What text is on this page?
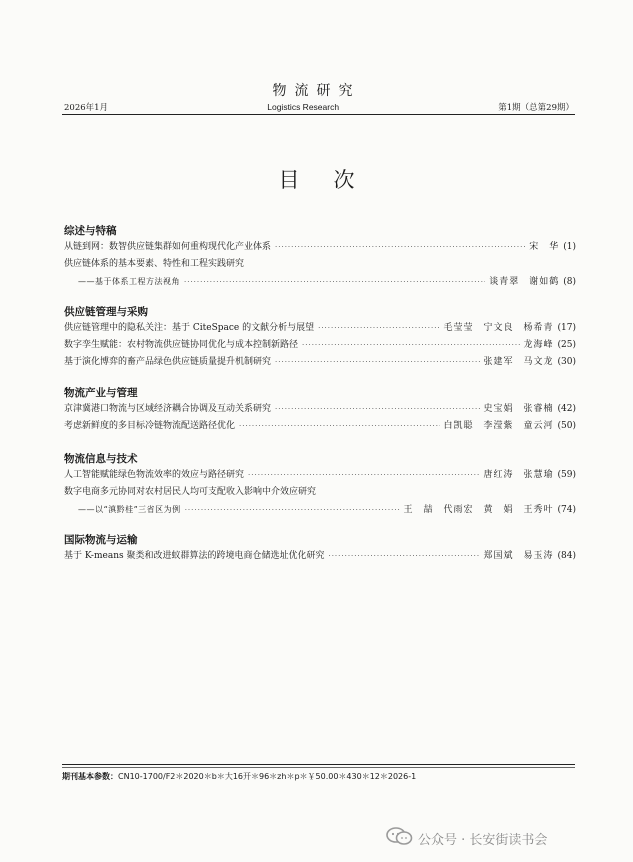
物流研究
2026年1月	Logistics Research	第1期（总第29期）
目次
综述与特稿
从链到网：数智供应链集群如何重构现代化产业体系 ·····	宋　华 (1)
供应链体系的基本要素、特性和工程实践研究
——基于体系工程方法视角 ·····	谈青翠　谢如鹤 (8)
供应链管理与采购
供应链管理中的隐私关注：基于 CiteSpace 的文献分析与展望 ·····	毛莹莹　宁文良　杨希青 (17)
数字孪生赋能：农村物流供应链协同优化与成本控制新路径 ·····	龙海峰 (25)
基于演化博弈的畜产品绿色供应链质量提升机制研究 ·····	张建军　马文龙 (30)
物流产业与管理
京津冀港口物流与区域经济耦合协调及互动关系研究 ·····	史宝娟　张睿楠 (42)
考虑新鲜度的多目标冷链物流配送路径优化 ·····	白凯聪　李滢紫　童云河 (50)
物流信息与技术
人工智能赋能绿色物流效率的效应与路径研究 ·····	唐红涛　张慧瑜 (59)
数字电商多元协同对农村居民人均可支配收入影响中介效应研究
——以“滇黔桂”三省区为例 ·····	王　喆　代雨宏　黄　娟　王秀叶 (74)
国际物流与运输
基于 K-means 聚类和改进蚁群算法的跨境电商仓储选址优化研究 ·····	郑国斌　易玉涛 (84)
期刊基本参数：CN10-1700/F2＊2020＊b＊大16开＊96＊zh＊p＊￥50.00＊430＊12＊2026-1
公众号 · 长安街读书会
